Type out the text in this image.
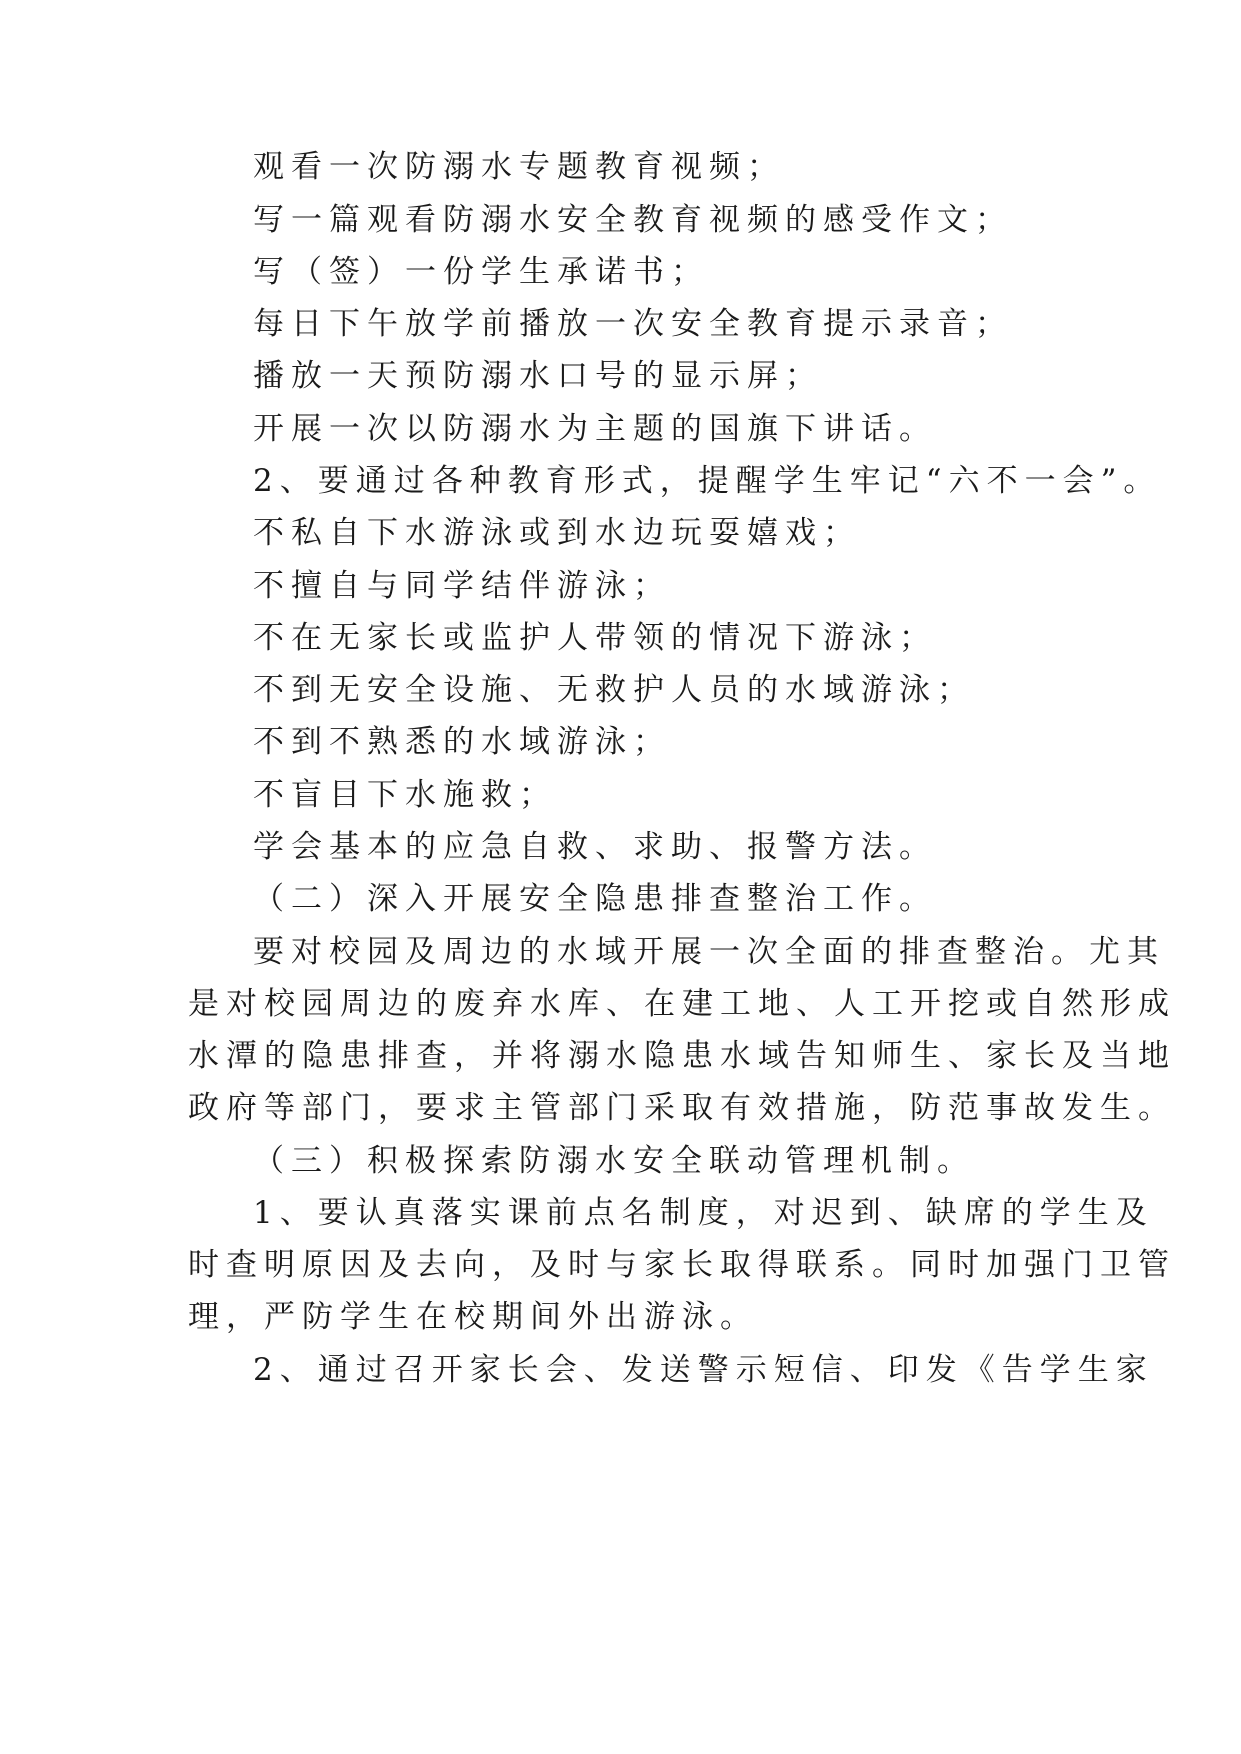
观看一次防溺水专题教育视频；
写一篇观看防溺水安全教育视频的感受作文；
写（签）一份学生承诺书；
每日下午放学前播放一次安全教育提示录音；
播放一天预防溺水口号的显示屏；
开展一次以防溺水为主题的国旗下讲话。
2、要通过各种教育形式，提醒学生牢记“六不一会”。
不私自下水游泳或到水边玩耍嬉戏；
不擅自与同学结伴游泳；
不在无家长或监护人带领的情况下游泳；
不到无安全设施、无救护人员的水域游泳；
不到不熟悉的水域游泳；
不盲目下水施救；
学会基本的应急自救、求助、报警方法。
（二）深入开展安全隐患排查整治工作。
要对校园及周边的水域开展一次全面的排查整治。尤其
是对校园周边的废弃水库、在建工地、人工开挖或自然形成
水潭的隐患排查，并将溺水隐患水域告知师生、家长及当地
政府等部门，要求主管部门采取有效措施，防范事故发生。
（三）积极探索防溺水安全联动管理机制。
1、要认真落实课前点名制度，对迟到、缺席的学生及
时查明原因及去向，及时与家长取得联系。同时加强门卫管
理，严防学生在校期间外出游泳。
2、通过召开家长会、发送警示短信、印发《告学生家
